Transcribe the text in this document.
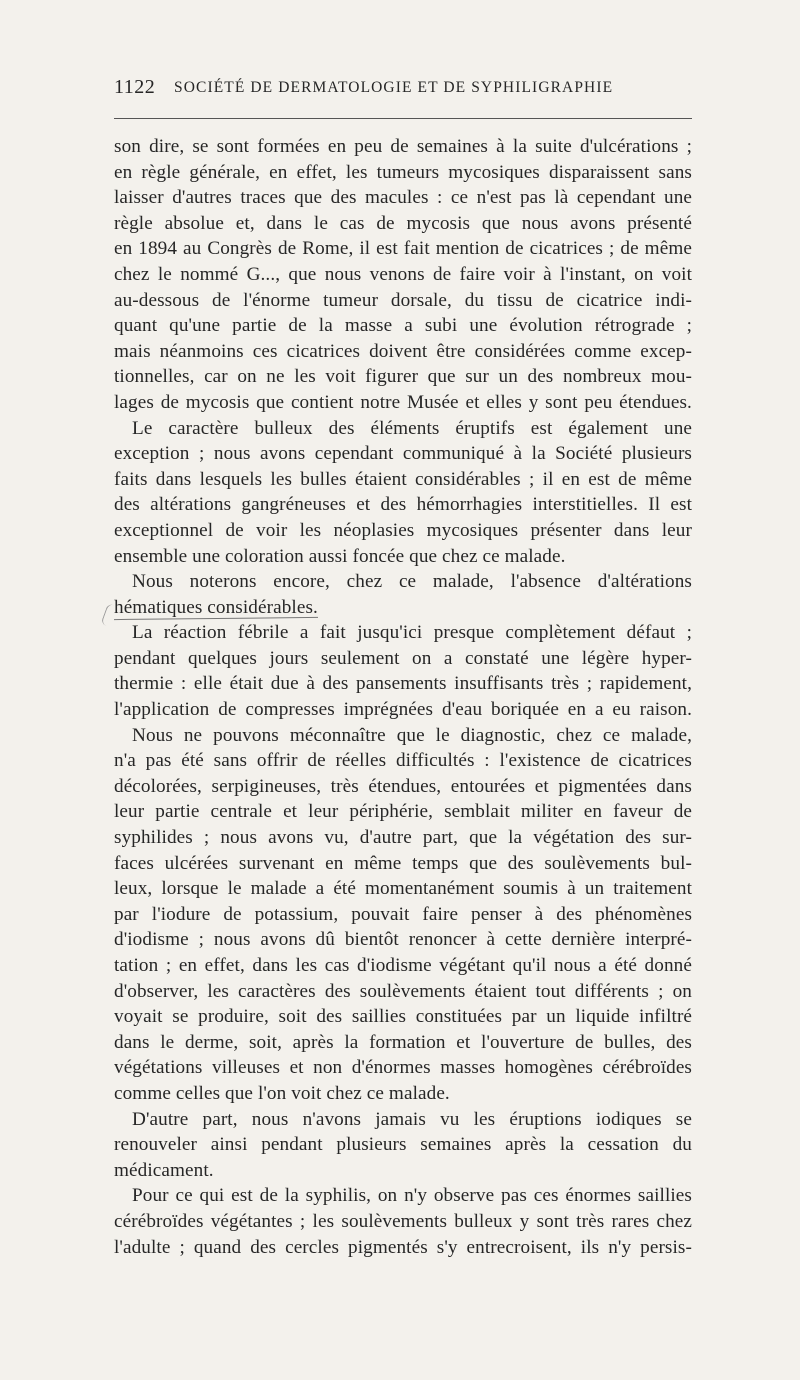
1122 SOCIÉTÉ DE DERMATOLOGIE ET DE SYPHILIGRAPHIE
son dire, se sont formées en peu de semaines à la suite d'ulcérations ;
en règle générale, en effet, les tumeurs mycosiques disparaissent sans
laisser d'autres traces que des macules : ce n'est pas là cependant une
règle absolue et, dans le cas de mycosis que nous avons présenté
en 1894 au Congrès de Rome, il est fait mention de cicatrices ; de même
chez le nommé G..., que nous venons de faire voir à l'instant, on voit
au-dessous de l'énorme tumeur dorsale, du tissu de cicatrice indi-
quant qu'une partie de la masse a subi une évolution rétrograde ;
mais néanmoins ces cicatrices doivent être considérées comme excep-
tionnelles, car on ne les voit figurer que sur un des nombreux mou-
lages de mycosis que contient notre Musée et elles y sont peu étendues.
Le caractère bulleux des éléments éruptifs est également une
exception ; nous avons cependant communiqué à la Société plusieurs
faits dans lesquels les bulles étaient considérables ; il en est de même
des altérations gangréneuses et des hémorrhagies interstitielles. Il est
exceptionnel de voir les néoplasies mycosiques présenter dans leur
ensemble une coloration aussi foncée que chez ce malade.
Nous noterons encore, chez ce malade, l'absence d'altérations
hématiques considérables.
La réaction fébrile a fait jusqu'ici presque complètement défaut ;
pendant quelques jours seulement on a constaté une légère hyper-
thermie : elle était due à des pansements insuffisants très ; rapidement,
l'application de compresses imprégnées d'eau boriquée en a eu raison.
Nous ne pouvons méconnaître que le diagnostic, chez ce malade,
n'a pas été sans offrir de réelles difficultés : l'existence de cicatrices
décolorées, serpigineuses, très étendues, entourées et pigmentées dans
leur partie centrale et leur périphérie, semblait militer en faveur de
syphilides ; nous avons vu, d'autre part, que la végétation des sur-
faces ulcérées survenant en même temps que des soulèvements bul-
leux, lorsque le malade a été momentanément soumis à un traitement
par l'iodure de potassium, pouvait faire penser à des phénomènes
d'iodisme ; nous avons dû bientôt renoncer à cette dernière interpré-
tation ; en effet, dans les cas d'iodisme végétant qu'il nous a été donné
d'observer, les caractères des soulèvements étaient tout différents ; on
voyait se produire, soit des saillies constituées par un liquide infiltré
dans le derme, soit, après la formation et l'ouverture de bulles, des
végétations villeuses et non d'énormes masses homogènes cérébroïdes
comme celles que l'on voit chez ce malade.
D'autre part, nous n'avons jamais vu les éruptions iodiques se
renouveler ainsi pendant plusieurs semaines après la cessation du
médicament.
Pour ce qui est de la syphilis, on n'y observe pas ces énormes saillies
cérébroïdes végétantes ; les soulèvements bulleux y sont très rares chez
l'adulte ; quand des cercles pigmentés s'y entrecroisent, ils n'y persis-
